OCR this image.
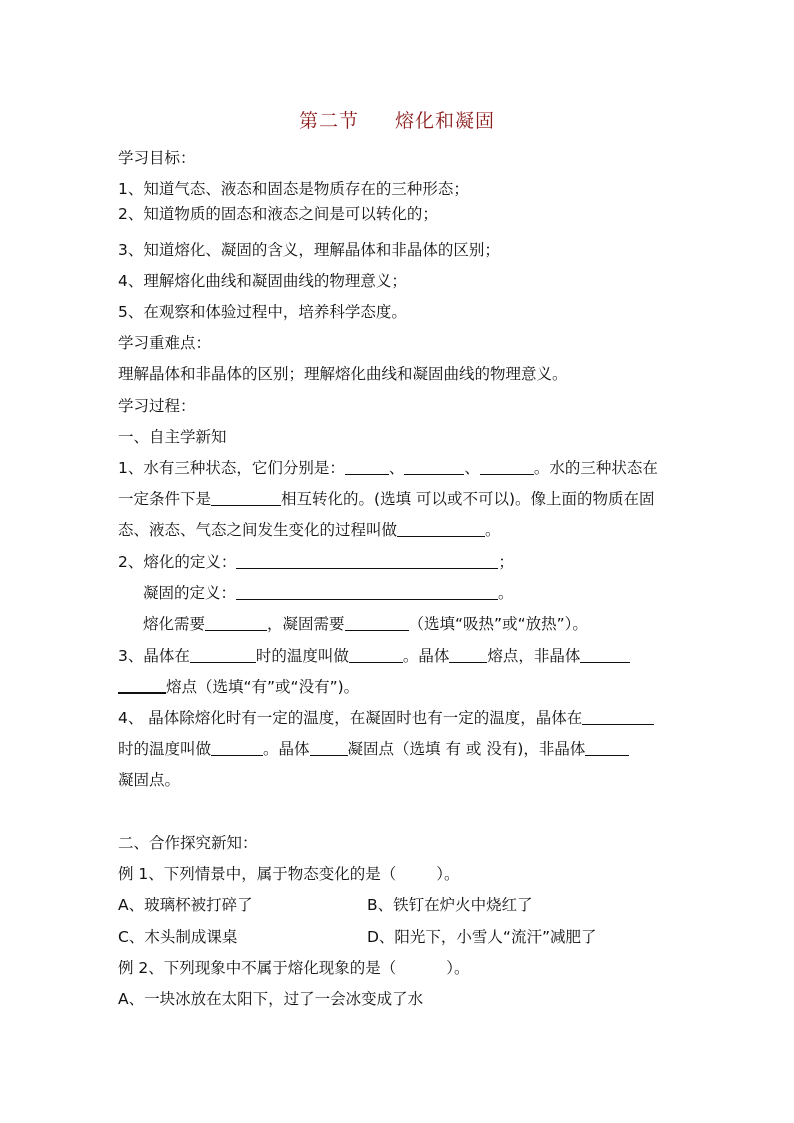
第二节 熔化和凝固
学习目标：
1、知道气态、液态和固态是物质存在的三种形态；
2、知道物质的固态和液态之间是可以转化的；
3、知道熔化、凝固的含义，理解晶体和非晶体的区别；
4、理解熔化曲线和凝固曲线的物理意义；
5、在观察和体验过程中，培养科学态度。
学习重难点：
理解晶体和非晶体的区别；理解熔化曲线和凝固曲线的物理意义。
学习过程：
一、自主学新知
1、水有三种状态，它们分别是：	、	、	。水的三种状态在
一定条件下是	相互转化的。(选填 可以或不可以)。像上面的物质在固
态、液态、气态之间发生变化的过程叫做	。
2、熔化的定义：	；
凝固的定义：	。
熔化需要	，凝固需要	（选填“吸热”或“放热”）。
3、晶体在	时的温度叫做	。晶体 熔点，非晶体
熔点（选填“有”或“没有”)。
4、 晶体除熔化时有一定的温度，在凝固时也有一定的温度，晶体在
时的温度叫做	。晶体 凝固点（选填 有 或 没有)，非晶体
凝固点。
二、合作探究新知：
例 1、下列情景中，属于物态变化的是（	）。
A、玻璃杯被打碎了	B、铁钉在炉火中烧红了
C、木头制成课桌	D、阳光下，小雪人“流汗”减肥了
例 2、下列现象中不属于熔化现象的是（	）。
A、一块冰放在太阳下，过了一会冰变成了水
